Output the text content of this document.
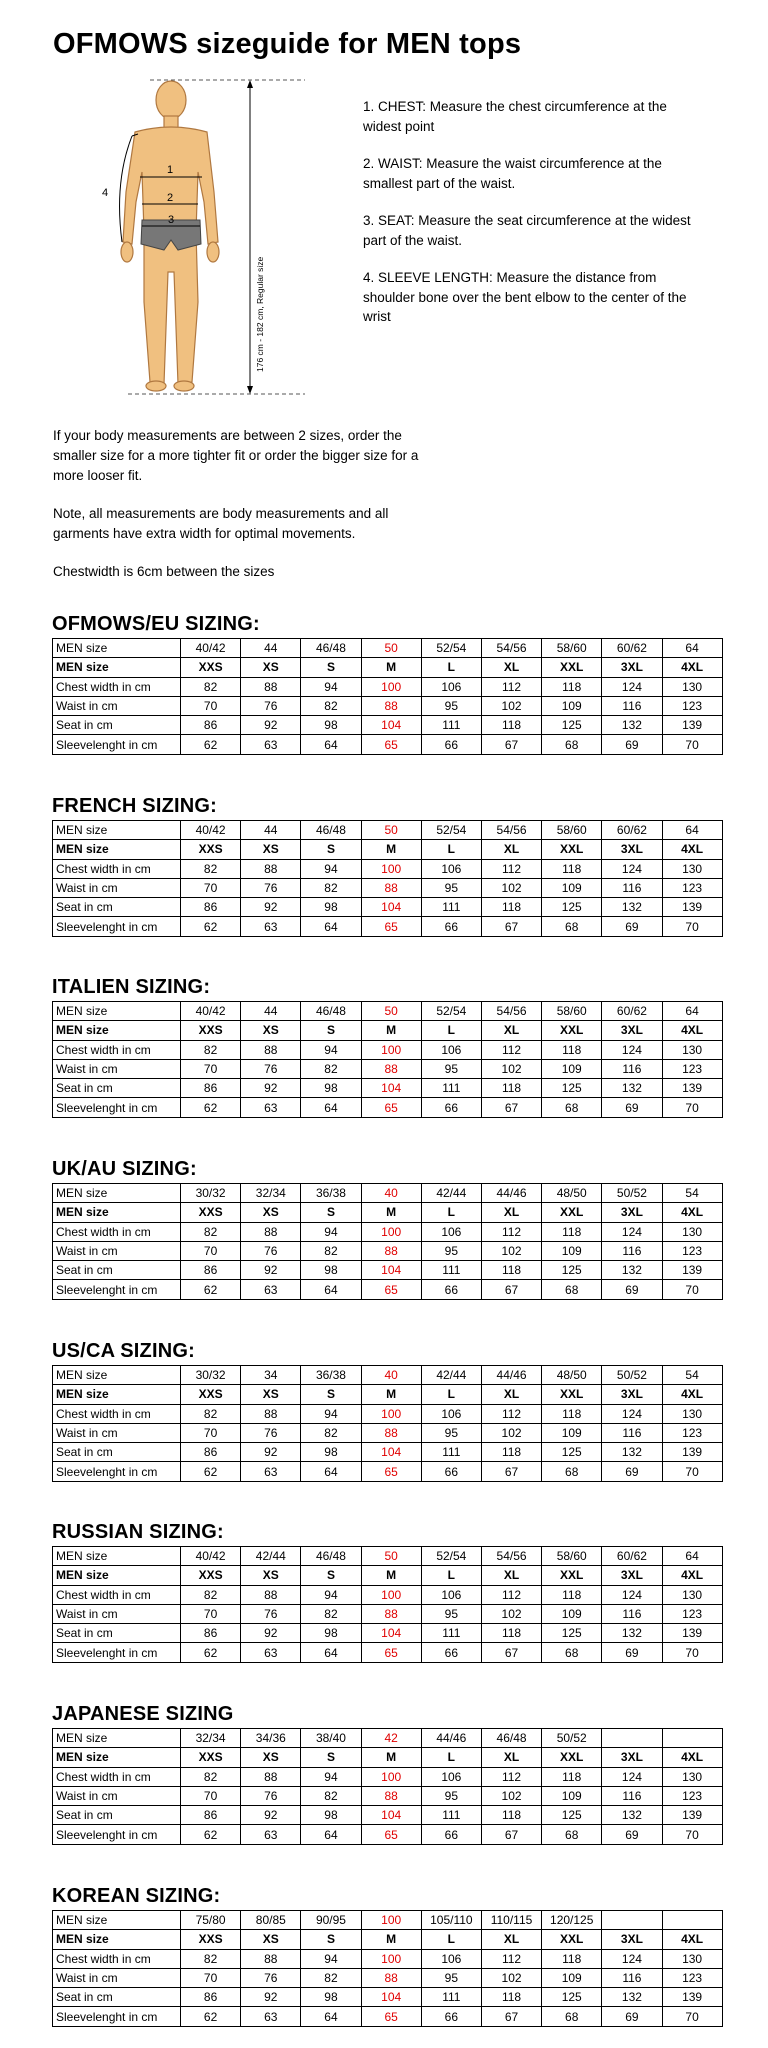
OFMOWS sizeguide for MEN tops
1
2
3
4
176 cm - 182 cm, Regular size

1. CHEST: Measure the chest circumference at the widest point

2. WAIST: Measure the waist circumference at the smallest part of the waist.

3. SEAT: Measure the seat circumference at the widest part of the waist.

4. SLEEVE LENGTH: Measure the distance from shoulder bone over the bent elbow to the center of the wrist

If your body measurements are between 2 sizes, order the smaller size for a more tighter fit or order the bigger size for a more looser fit.

Note, all measurements are body measurements and all garments have extra width for optimal movements.

Chestwidth is 6cm between the sizes

OFMOWS/EU SIZING:
MEN size	40/42	44	46/48	50	52/54	54/56	58/60	60/62	64
MEN size	XXS	XS	S	M	L	XL	XXL	3XL	4XL
Chest width in cm	82	88	94	100	106	112	118	124	130
Waist in cm	70	76	82	88	95	102	109	116	123
Seat in cm	86	92	98	104	111	118	125	132	139
Sleevelenght in cm	62	63	64	65	66	67	68	69	70
FRENCH SIZING:
MEN size	40/42	44	46/48	50	52/54	54/56	58/60	60/62	64
MEN size	XXS	XS	S	M	L	XL	XXL	3XL	4XL
Chest width in cm	82	88	94	100	106	112	118	124	130
Waist in cm	70	76	82	88	95	102	109	116	123
Seat in cm	86	92	98	104	111	118	125	132	139
Sleevelenght in cm	62	63	64	65	66	67	68	69	70
ITALIEN SIZING:
MEN size	40/42	44	46/48	50	52/54	54/56	58/60	60/62	64
MEN size	XXS	XS	S	M	L	XL	XXL	3XL	4XL
Chest width in cm	82	88	94	100	106	112	118	124	130
Waist in cm	70	76	82	88	95	102	109	116	123
Seat in cm	86	92	98	104	111	118	125	132	139
Sleevelenght in cm	62	63	64	65	66	67	68	69	70
UK/AU SIZING:
MEN size	30/32	32/34	36/38	40	42/44	44/46	48/50	50/52	54
MEN size	XXS	XS	S	M	L	XL	XXL	3XL	4XL
Chest width in cm	82	88	94	100	106	112	118	124	130
Waist in cm	70	76	82	88	95	102	109	116	123
Seat in cm	86	92	98	104	111	118	125	132	139
Sleevelenght in cm	62	63	64	65	66	67	68	69	70
US/CA SIZING:
MEN size	30/32	34	36/38	40	42/44	44/46	48/50	50/52	54
MEN size	XXS	XS	S	M	L	XL	XXL	3XL	4XL
Chest width in cm	82	88	94	100	106	112	118	124	130
Waist in cm	70	76	82	88	95	102	109	116	123
Seat in cm	86	92	98	104	111	118	125	132	139
Sleevelenght in cm	62	63	64	65	66	67	68	69	70
RUSSIAN SIZING:
MEN size	40/42	42/44	46/48	50	52/54	54/56	58/60	60/62	64
MEN size	XXS	XS	S	M	L	XL	XXL	3XL	4XL
Chest width in cm	82	88	94	100	106	112	118	124	130
Waist in cm	70	76	82	88	95	102	109	116	123
Seat in cm	86	92	98	104	111	118	125	132	139
Sleevelenght in cm	62	63	64	65	66	67	68	69	70
JAPANESE SIZING
MEN size	32/34	34/36	38/40	42	44/46	46/48	50/52		
MEN size	XXS	XS	S	M	L	XL	XXL	3XL	4XL
Chest width in cm	82	88	94	100	106	112	118	124	130
Waist in cm	70	76	82	88	95	102	109	116	123
Seat in cm	86	92	98	104	111	118	125	132	139
Sleevelenght in cm	62	63	64	65	66	67	68	69	70
KOREAN SIZING:
MEN size	75/80	80/85	90/95	100	105/110	110/115	120/125		
MEN size	XXS	XS	S	M	L	XL	XXL	3XL	4XL
Chest width in cm	82	88	94	100	106	112	118	124	130
Waist in cm	70	76	82	88	95	102	109	116	123
Seat in cm	86	92	98	104	111	118	125	132	139
Sleevelenght in cm	62	63	64	65	66	67	68	69	70
